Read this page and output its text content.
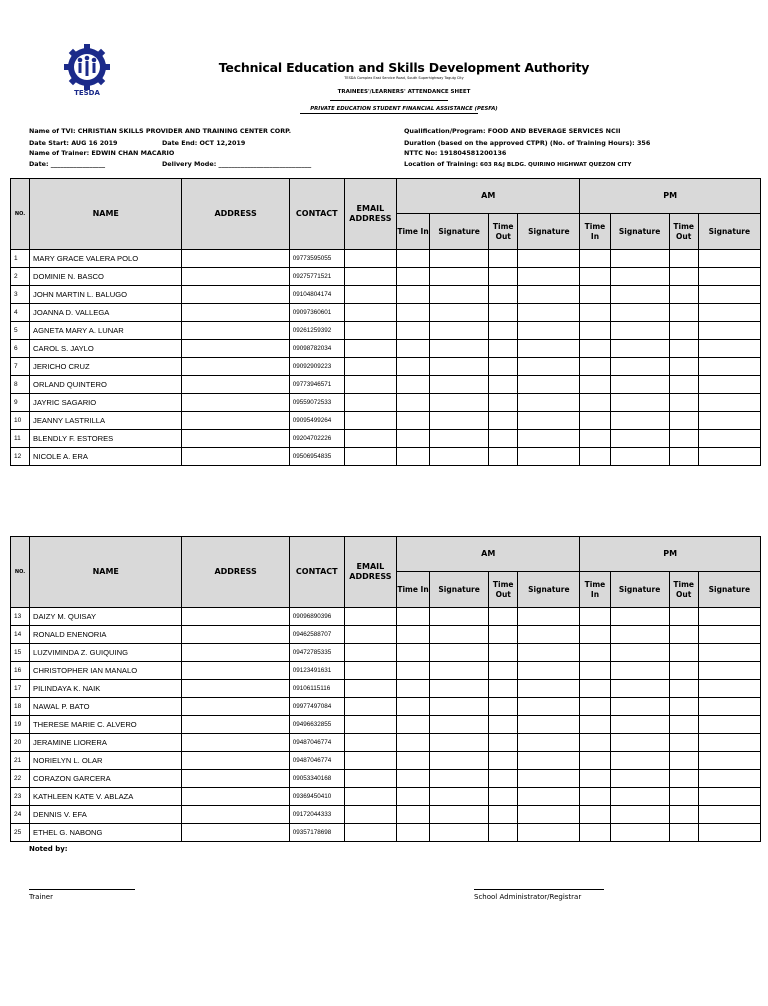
TESDA
Technical Education and Skills Development Authority
TESDA Complex East Service Road, South Superhighway Taguig City
TRAINEES'/LEARNERS' ATTENDANCE SHEET
PRIVATE EDUCATION STUDENT FINANCIAL ASSISTANCE (PESFA)
Name of TVI: CHRISTIAN SKILLS PROVIDER AND TRAINING CENTER CORP.
Date Start: AUG 16 2019	Date End: OCT 12,2019
Name of Trainer: EDWIN CHAN MACARIO
Date: _________________	Delivery Mode: _____________________________
Qualification/Program: FOOD AND BEVERAGE SERVICES NCII
Duration (based on the approved CTPR) (No. of Training Hours): 356
NTTC No: 191804581200136
Location of Training: 603 R&J BLDG. QUIRINO HIGHWAT QUEZON CITY
NO.	NAME	ADDRESS	CONTACT	EMAIL ADDRESS	AM				PM			
					Time In	Signature	Time Out	Signature	Time In	Signature	Time Out	Signature
1	MARY GRACE VALERA POLO		09773595055									
2	DOMINIE N. BASCO		09275771521									
3	JOHN MARTIN L. BALUGO		09104804174									
4	JOANNA D. VALLEGA		09097360601									
5	AGNETA MARY A. LUNAR		09261259392									
6	CAROL S. JAYLO		09098782034									
7	JERICHO CRUZ		09092909223									
8	ORLAND QUINTERO		09773946571									
9	JAYRIC SAGARIO		09559072533									
10	JEANNY LASTRILLA		09095499264									
11	BLENDLY F. ESTORES		09204702226									
12	NICOLE A. ERA		09506954835									
NO.	NAME	ADDRESS	CONTACT	EMAIL ADDRESS	AM				PM			
					Time In	Signature	Time Out	Signature	Time In	Signature	Time Out	Signature
13	DAIZY M. QUISAY		09096890396									
14	RONALD ENENORIA		09462588707									
15	LUZVIMINDA Z. GUIQUING		09472785335									
16	CHRISTOPHER IAN MANALO		09123491631									
17	PILINDAYA K. NAIK		09106115116									
18	NAWAL P. BATO		09977497084									
19	THERESE MARIE C. ALVERO		09496632855									
20	JERAMINE LIORERA		09487046774									
21	NORIELYN L. OLAR		09487046774									
22	CORAZON GARCERA		09053340168									
23	KATHLEEN KATE V. ABLAZA		09369450410									
24	DENNIS V. EFA		09172044333									
25	ETHEL G. NABONG		09357178698									
Noted by:
Trainer	School Administrator/Registrar
